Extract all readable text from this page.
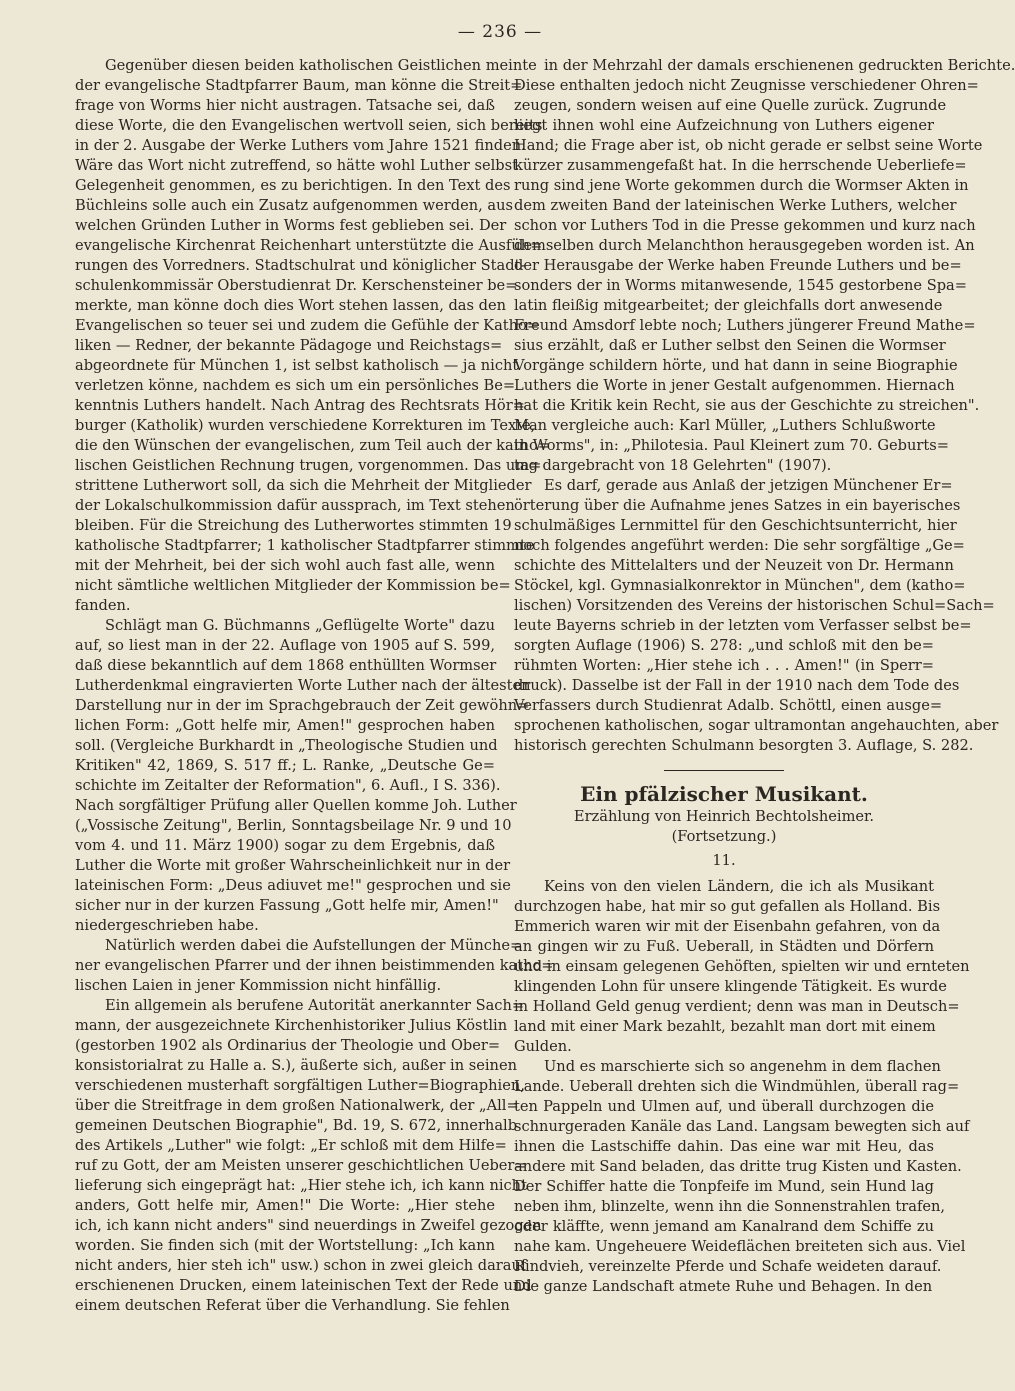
— 236 —
Gegenüber diesen beiden katholischen Geistlichen meinte
der evangelische Stadtpfarrer Baum, man könne die Streit=
frage von Worms hier nicht austragen. Tatsache sei, daß
diese Worte, die den Evangelischen wertvoll seien, sich bereits
in der 2. Ausgabe der Werke Luthers vom Jahre 1521 finden.
Wäre das Wort nicht zutreffend, so hätte wohl Luther selbst
Gelegenheit genommen, es zu berichtigen. In den Text des
Büchleins solle auch ein Zusatz aufgenommen werden, aus
welchen Gründen Luther in Worms fest geblieben sei. Der
evangelische Kirchenrat Reichenhart unterstützte die Ausfüh=
rungen des Vorredners. Stadtschulrat und königlicher Stadt-
schulenkommissär Oberstudienrat Dr. Kerschensteiner be=
merkte, man könne doch dies Wort stehen lassen, das den
Evangelischen so teuer sei und zudem die Gefühle der Katho=
liken — Redner, der bekannte Pädagoge und Reichstags=
abgeordnete für München 1, ist selbst katholisch — ja nicht
verletzen könne, nachdem es sich um ein persönliches Be=
kenntnis Luthers handelt. Nach Antrag des Rechtsrats Hör=
burger (Katholik) wurden verschiedene Korrekturen im Texte,
die den Wünschen der evangelischen, zum Teil auch der katho=
lischen Geistlichen Rechnung trugen, vorgenommen. Das um=
strittene Lutherwort soll, da sich die Mehrheit der Mitglieder
der Lokalschulkommission dafür aussprach, im Text stehen
bleiben. Für die Streichung des Lutherwortes stimmten 19
katholische Stadtpfarrer; 1 katholischer Stadtpfarrer stimmte
mit der Mehrheit, bei der sich wohl auch fast alle, wenn
nicht sämtliche weltlichen Mitglieder der Kommission be=
fanden.
Schlägt man G. Büchmanns „Geflügelte Worte" dazu
auf, so liest man in der 22. Auflage von 1905 auf S. 599,
daß diese bekanntlich auf dem 1868 enthüllten Wormser
Lutherdenkmal eingravierten Worte Luther nach der ältesten
Darstellung nur in der im Sprachgebrauch der Zeit gewöhn=
lichen Form: „Gott helfe mir, Amen!" gesprochen haben
soll. (Vergleiche Burkhardt in „Theologische Studien und
Kritiken" 42, 1869, S. 517 ff.; L. Ranke, „Deutsche Ge=
schichte im Zeitalter der Reformation", 6. Aufl., I S. 336).
Nach sorgfältiger Prüfung aller Quellen komme Joh. Luther
(„Vossische Zeitung", Berlin, Sonntagsbeilage Nr. 9 und 10
vom 4. und 11. März 1900) sogar zu dem Ergebnis, daß
Luther die Worte mit großer Wahrscheinlichkeit nur in der
lateinischen Form: „Deus adiuvet me!" gesprochen und sie
sicher nur in der kurzen Fassung „Gott helfe mir, Amen!"
niedergeschrieben habe.
Natürlich werden dabei die Aufstellungen der Münche=
ner evangelischen Pfarrer und der ihnen beistimmenden katho=
lischen Laien in jener Kommission nicht hinfällig.
Ein allgemein als berufene Autorität anerkannter Sach=
mann, der ausgezeichnete Kirchenhistoriker Julius Köstlin
(gestorben 1902 als Ordinarius der Theologie und Ober=
konsistorialrat zu Halle a. S.), äußerte sich, außer in seinen
verschiedenen musterhaft sorgfältigen Luther=Biographien,
über die Streitfrage in dem großen Nationalwerk, der „All=
gemeinen Deutschen Biographie", Bd. 19, S. 672, innerhalb
des Artikels „Luther" wie folgt: „Er schloß mit dem Hilfe=
ruf zu Gott, der am Meisten unserer geschichtlichen Ueber=
lieferung sich eingeprägt hat: „Hier stehe ich, ich kann nicht
anders, Gott helfe mir, Amen!" Die Worte: „Hier stehe
ich, ich kann nicht anders" sind neuerdings in Zweifel gezogen
worden. Sie finden sich (mit der Wortstellung: „Ich kann
nicht anders, hier steh ich" usw.) schon in zwei gleich darauf
erschienenen Drucken, einem lateinischen Text der Rede und
einem deutschen Referat über die Verhandlung. Sie fehlen
in der Mehrzahl der damals erschienenen gedruckten Berichte.
Diese enthalten jedoch nicht Zeugnisse verschiedener Ohren=
zeugen, sondern weisen auf eine Quelle zurück. Zugrunde
liegt ihnen wohl eine Aufzeichnung von Luthers eigener
Hand; die Frage aber ist, ob nicht gerade er selbst seine Worte
kürzer zusammengefaßt hat. In die herrschende Ueberliefe=
rung sind jene Worte gekommen durch die Wormser Akten in
dem zweiten Band der lateinischen Werke Luthers, welcher
schon vor Luthers Tod in die Presse gekommen und kurz nach
demselben durch Melanchthon herausgegeben worden ist. An
der Herausgabe der Werke haben Freunde Luthers und be=
sonders der in Worms mitanwesende, 1545 gestorbene Spa=
latin fleißig mitgearbeitet; der gleichfalls dort anwesende
Freund Amsdorf lebte noch; Luthers jüngerer Freund Mathe=
sius erzählt, daß er Luther selbst den Seinen die Wormser
Vorgänge schildern hörte, und hat dann in seine Biographie
Luthers die Worte in jener Gestalt aufgenommen. Hiernach
hat die Kritik kein Recht, sie aus der Geschichte zu streichen".
Man vergleiche auch: Karl Müller, „Luthers Schlußworte
in Worms", in: „Philotesia. Paul Kleinert zum 70. Geburts=
tag dargebracht von 18 Gelehrten" (1907).
Es darf, gerade aus Anlaß der jetzigen Münchener Er=
örterung über die Aufnahme jenes Satzes in ein bayerisches
schulmäßiges Lernmittel für den Geschichtsunterricht, hier
noch folgendes angeführt werden: Die sehr sorgfältige „Ge=
schichte des Mittelalters und der Neuzeit von Dr. Hermann
Stöckel, kgl. Gymnasialkonrektor in München", dem (katho=
lischen) Vorsitzenden des Vereins der historischen Schul=Sach=
leute Bayerns schrieb in der letzten vom Verfasser selbst be=
sorgten Auflage (1906) S. 278: „und schloß mit den be=
rühmten Worten: „Hier stehe ich . . . Amen!" (in Sperr=
druck). Dasselbe ist der Fall in der 1910 nach dem Tode des
Verfassers durch Studienrat Adalb. Schöttl, einen ausge=
sprochenen katholischen, sogar ultramontan angehauchten, aber
historisch gerechten Schulmann besorgten 3. Auflage, S. 282.
Ein pfälzischer Musikant.
Erzählung von Heinrich Bechtolsheimer.
(Fortsetzung.)
11.
Keins von den vielen Ländern, die ich als Musikant
durchzogen habe, hat mir so gut gefallen als Holland. Bis
Emmerich waren wir mit der Eisenbahn gefahren, von da
an gingen wir zu Fuß. Ueberall, in Städten und Dörfern
und in einsam gelegenen Gehöften, spielten wir und ernteten
klingenden Lohn für unsere klingende Tätigkeit. Es wurde
in Holland Geld genug verdient; denn was man in Deutsch=
land mit einer Mark bezahlt, bezahlt man dort mit einem
Gulden.
Und es marschierte sich so angenehm in dem flachen
Lande. Ueberall drehten sich die Windmühlen, überall rag=
ten Pappeln und Ulmen auf, und überall durchzogen die
schnurgeraden Kanäle das Land. Langsam bewegten sich auf
ihnen die Lastschiffe dahin. Das eine war mit Heu, das
andere mit Sand beladen, das dritte trug Kisten und Kasten.
Der Schiffer hatte die Tonpfeife im Mund, sein Hund lag
neben ihm, blinzelte, wenn ihn die Sonnenstrahlen trafen,
oder kläffte, wenn jemand am Kanalrand dem Schiffe zu
nahe kam. Ungeheuere Weideflächen breiteten sich aus. Viel
Rindvieh, vereinzelte Pferde und Schafe weideten darauf.
Die ganze Landschaft atmete Ruhe und Behagen. In den
